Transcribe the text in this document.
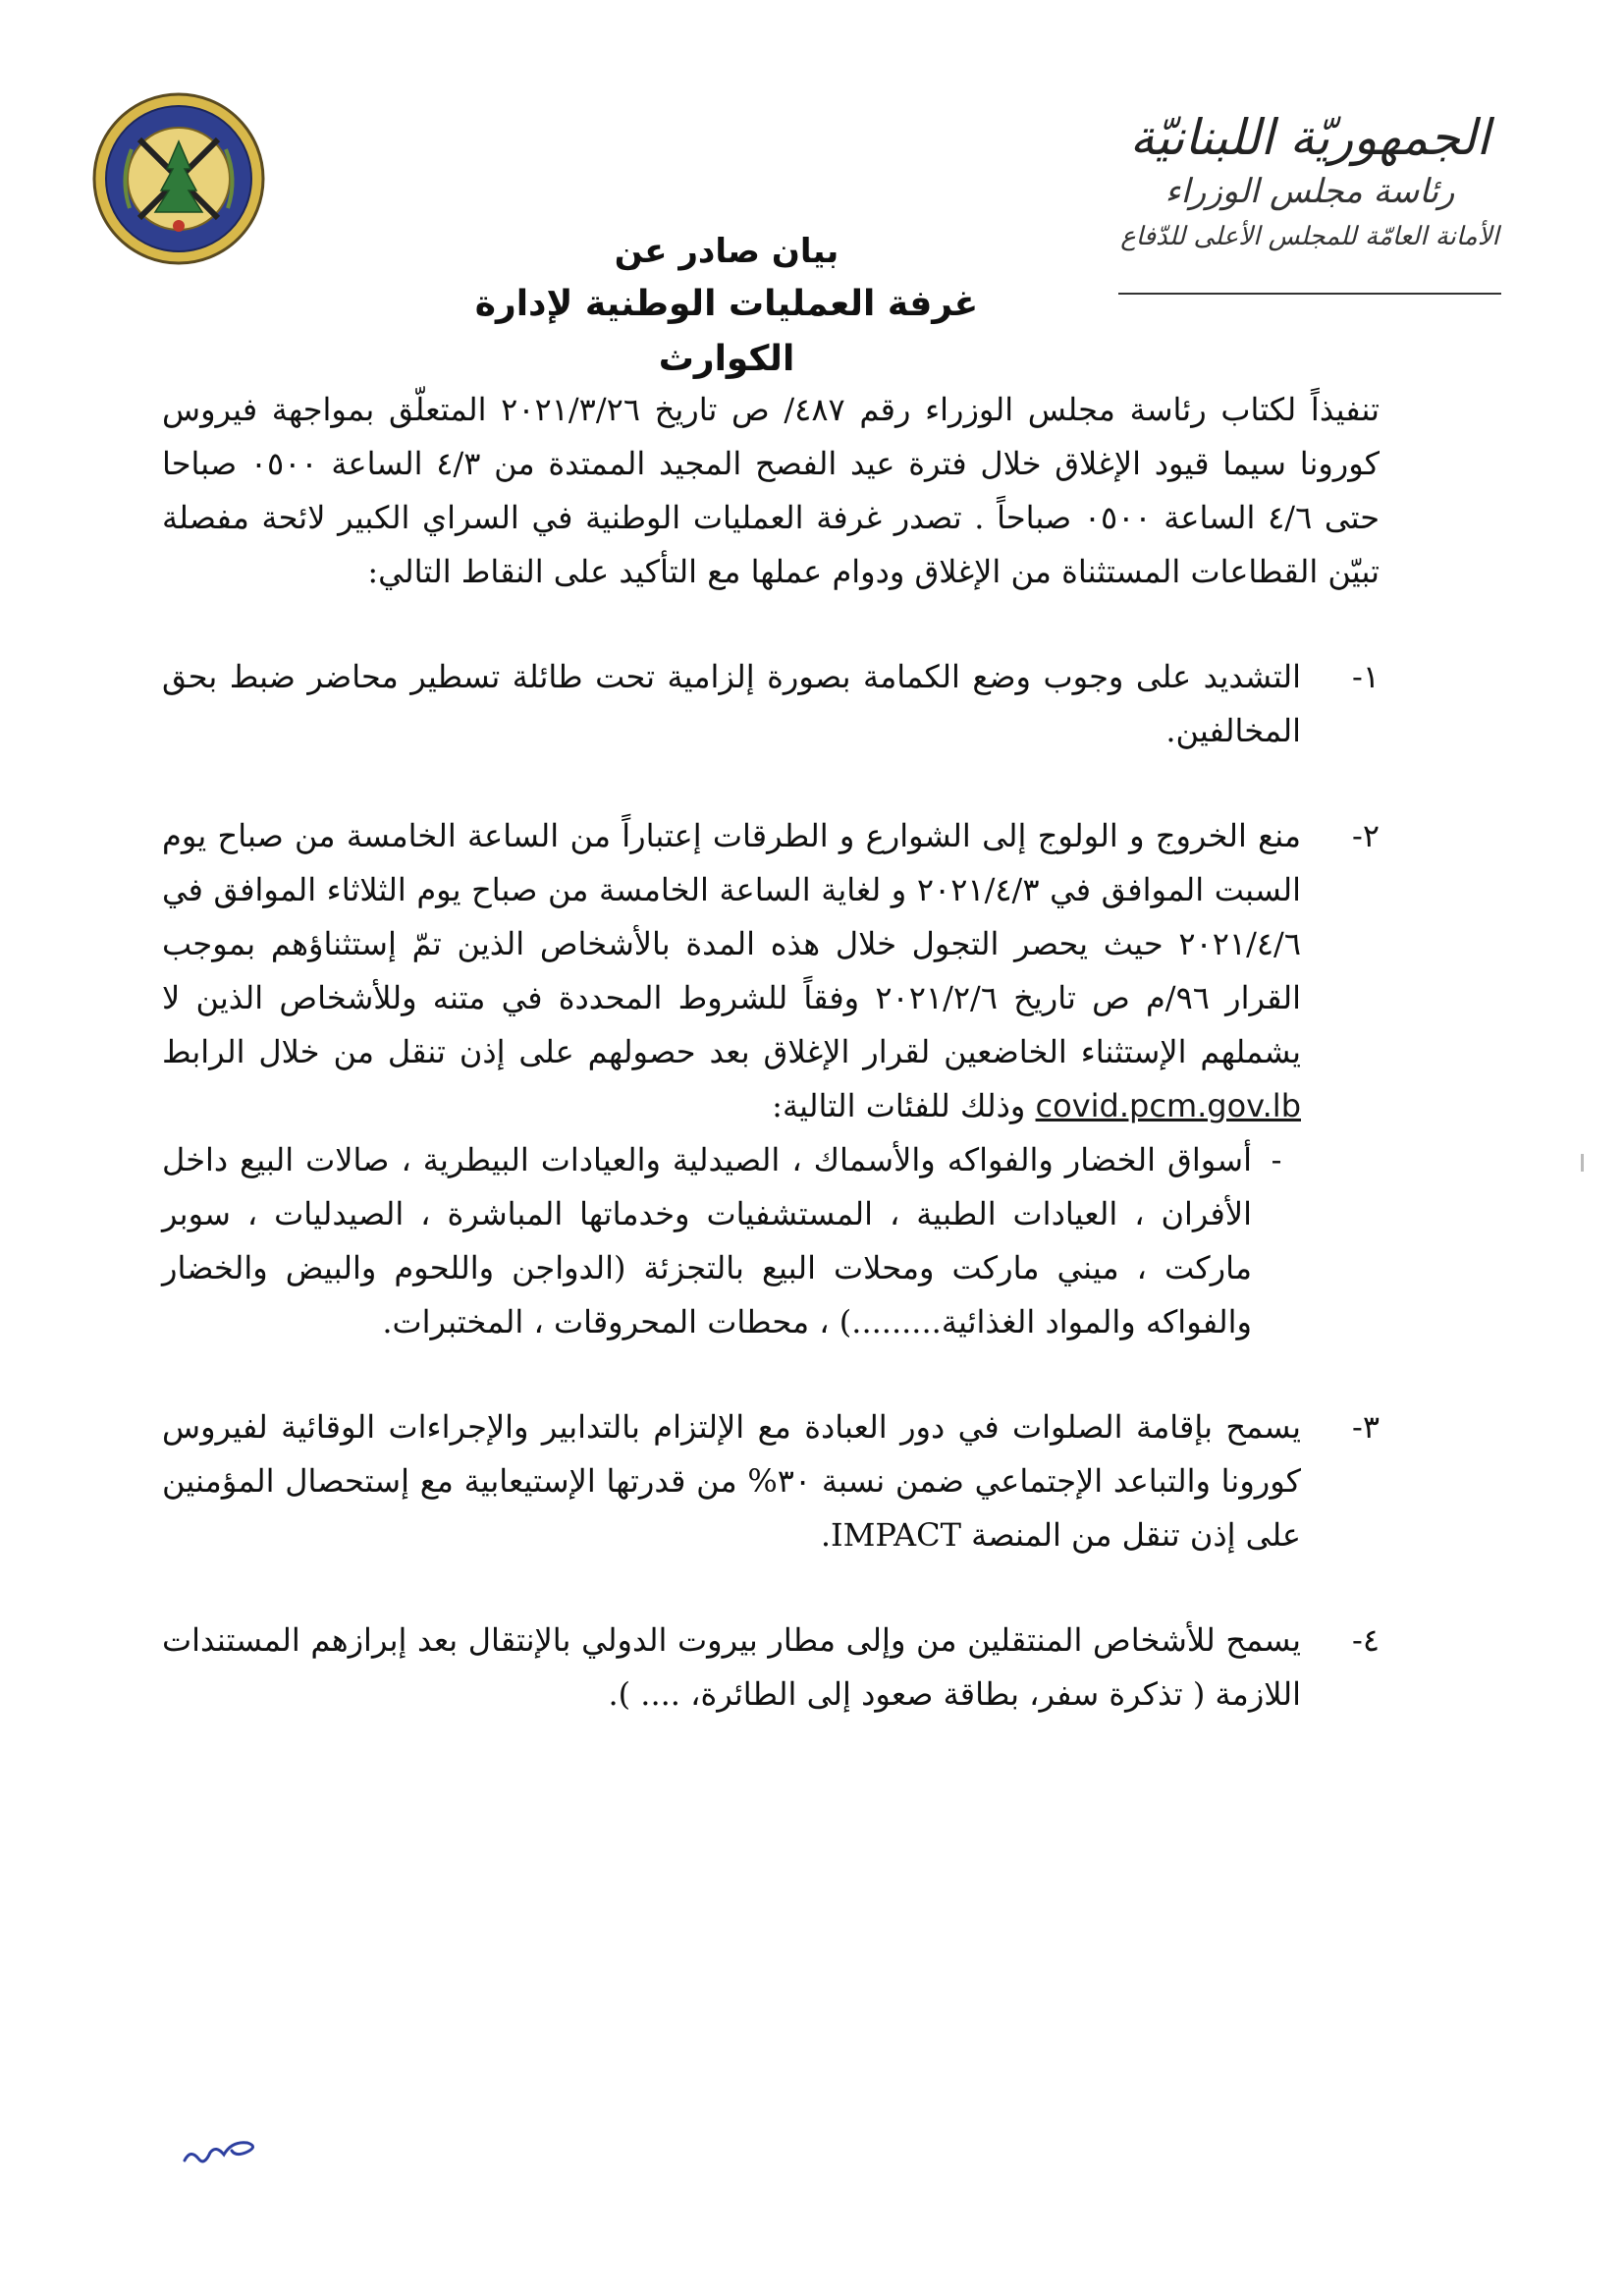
الجمهوريّة اللبنانيّة
رئاسة مجلس الوزراء
الأمانة العامّة للمجلس الأعلى للدّفاع
بيان صادر عن
غرفة العمليات الوطنية لإدارة الكوارث

تنفيذاً لكتاب رئاسة مجلس الوزراء رقم ٤٨٧/ ص تاريخ ٢٠٢١/٣/٢٦ المتعلّق بمواجهة فيروس كورونا سيما قيود الإغلاق خلال فترة عيد الفصح المجيد الممتدة من ٤/٣ الساعة ٠٥٠٠ صباحا حتى ٤/٦ الساعة ٠٥٠٠ صباحاً . تصدر غرفة العمليات الوطنية في السراي الكبير لائحة مفصلة تبيّن القطاعات المستثناة من الإغلاق ودوام عملها مع التأكيد على النقاط التالي:

١-
التشديد على وجوب وضع الكمامة بصورة إلزامية تحت طائلة تسطير محاضر ضبط بحق المخالفين.
٢-

منع الخروج و الولوج إلى الشوارع و الطرقات إعتباراً من الساعة الخامسة من صباح يوم السبت الموافق في ٢٠٢١/٤/٣ و لغاية الساعة الخامسة من صباح يوم الثلاثاء الموافق في ٢٠٢١/٤/٦ حيث يحصر التجول خلال هذه المدة بالأشخاص الذين تمّ إستثناؤهم بموجب القرار ٩٦/م ص تاريخ ٢٠٢١/٢/٦ وفقاً للشروط المحددة في متنه وللأشخاص الذين لا يشملهم الإستثناء الخاضعين لقرار الإغلاق بعد حصولهم على إذن تنقل من خلال الرابط covid.pcm.gov.lb وذلك للفئات التالية:

-
أسواق الخضار والفواكه والأسماك ، الصيدلية والعيادات البيطرية ، صالات البيع داخل الأفران ، العيادات الطبية ، المستشفيات وخدماتها المباشرة ، الصيدليات ، سوبر ماركت ، ميني ماركت ومحلات البيع بالتجزئة (الدواجن واللحوم والبيض والخضار والفواكه والمواد الغذائية.........) ، محطات المحروقات ، المختبرات.
٣-
يسمح بإقامة الصلوات في دور العبادة مع الإلتزام بالتدابير والإجراءات الوقائية لفيروس كورونا والتباعد الإجتماعي ضمن نسبة ٣٠% من قدرتها الإستيعابية مع إستحصال المؤمنين على إذن تنقل من المنصة IMPACT.
٤-
يسمح للأشخاص المنتقلين من وإلى مطار بيروت الدولي بالإنتقال بعد إبرازهم المستندات اللازمة ( تذكرة سفر، بطاقة صعود إلى الطائرة، .... ).
